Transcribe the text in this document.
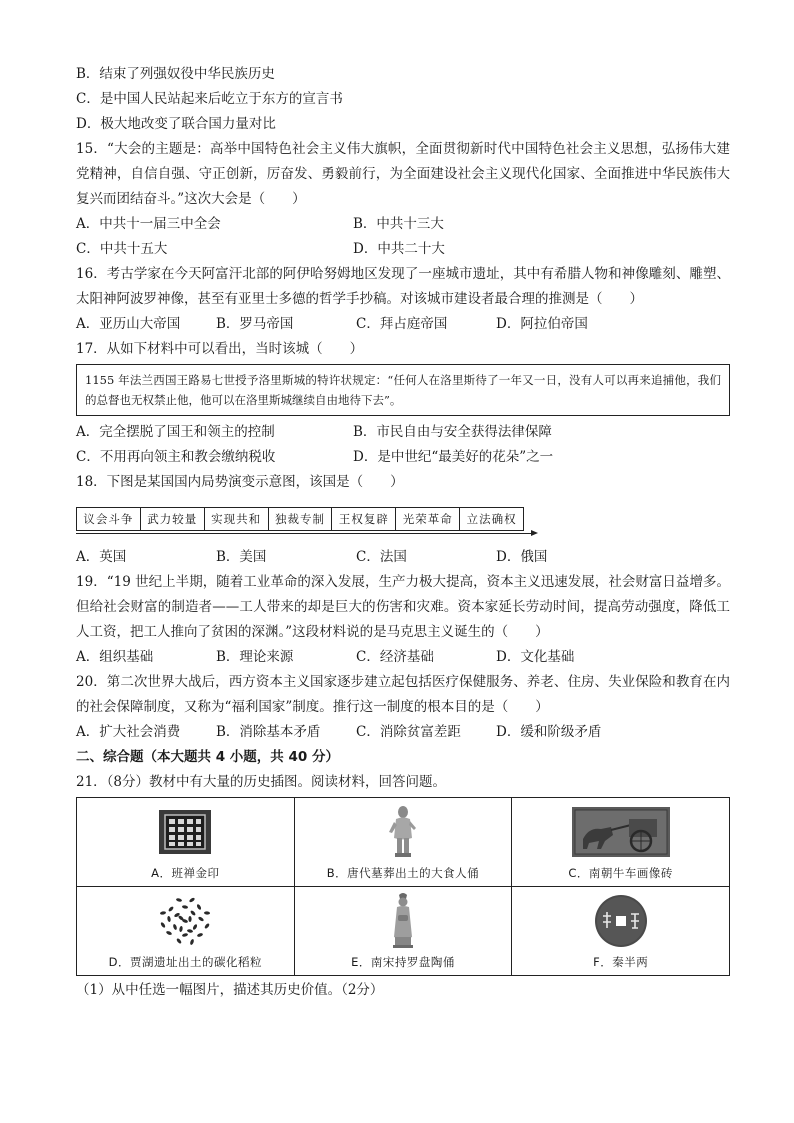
B．结束了列强奴役中华民族历史
C．是中国人民站起来后屹立于东方的宣言书
D．极大地改变了联合国力量对比
15．“大会的主题是：高举中国特色社会主义伟大旗帜，全面贯彻新时代中国特色社会主义思想，弘扬伟大建党精神，自信自强、守正创新，厉奋发、勇毅前行，为全面建设社会主义现代化国家、全面推进中华民族伟大复兴而团结奋斗。”这次大会是（　　）
A．中共十一届三中全会	B．中共十三大
C．中共十五大	D．中共二十大
16．考古学家在今天阿富汗北部的阿伊哈努姆地区发现了一座城市遗址，其中有希腊人物和神像雕刻、雕塑、太阳神阿波罗神像，甚至有亚里士多德的哲学手抄稿。对该城市建设者最合理的推测是（　　）
A．亚历山大帝国	B．罗马帝国	C．拜占庭帝国	D．阿拉伯帝国
17．从如下材料中可以看出，当时该城（　　）
1155 年法兰西国王路易七世授予洛里斯城的特许状规定：“任何人在洛里斯待了一年又一日，没有人可以再来追捕他，我们的总督也无权禁止他，他可以在洛里斯城继续自由地待下去”。
A．完全摆脱了国王和领主的控制	B．市民自由与安全获得法律保障
C．不用再向领主和教会缴纳税收	D．是中世纪“最美好的花朵”之一
18．下图是某国国内局势演变示意图，该国是（　　）
议会斗争	武力较量	实现共和	独裁专制	王权复辟	光荣革命	立法确权
A．英国	B．美国	C．法国	D．俄国
19．“19 世纪上半期，随着工业革命的深入发展，生产力极大提高，资本主义迅速发展，社会财富日益增多。但给社会财富的制造者——工人带来的却是巨大的伤害和灾难。资本家延长劳动时间，提高劳动强度，降低工人工资，把工人推向了贫困的深渊。”这段材料说的是马克思主义诞生的（　　）
A．组织基础	B．理论来源	C．经济基础	D．文化基础
20．第二次世界大战后，西方资本主义国家逐步建立起包括医疗保健服务、养老、住房、失业保险和教育在内的社会保障制度，又称为“福利国家”制度。推行这一制度的根本目的是（　　）
A．扩大社会消费	B．消除基本矛盾	C．消除贫富差距	D．缓和阶级矛盾
二、综合题（本大题共 4 小题，共 40 分）
21．（8分）教材中有大量的历史插图。阅读材料，回答问题。
A．班禅金印	B．唐代墓葬出土的大食人俑	C．南朝牛车画像砖

D．贾湖遗址出土的碳化稻粒	E．南宋持罗盘陶俑	F．秦半两
（1）从中任选一幅图片，描述其历史价值。（2分）
